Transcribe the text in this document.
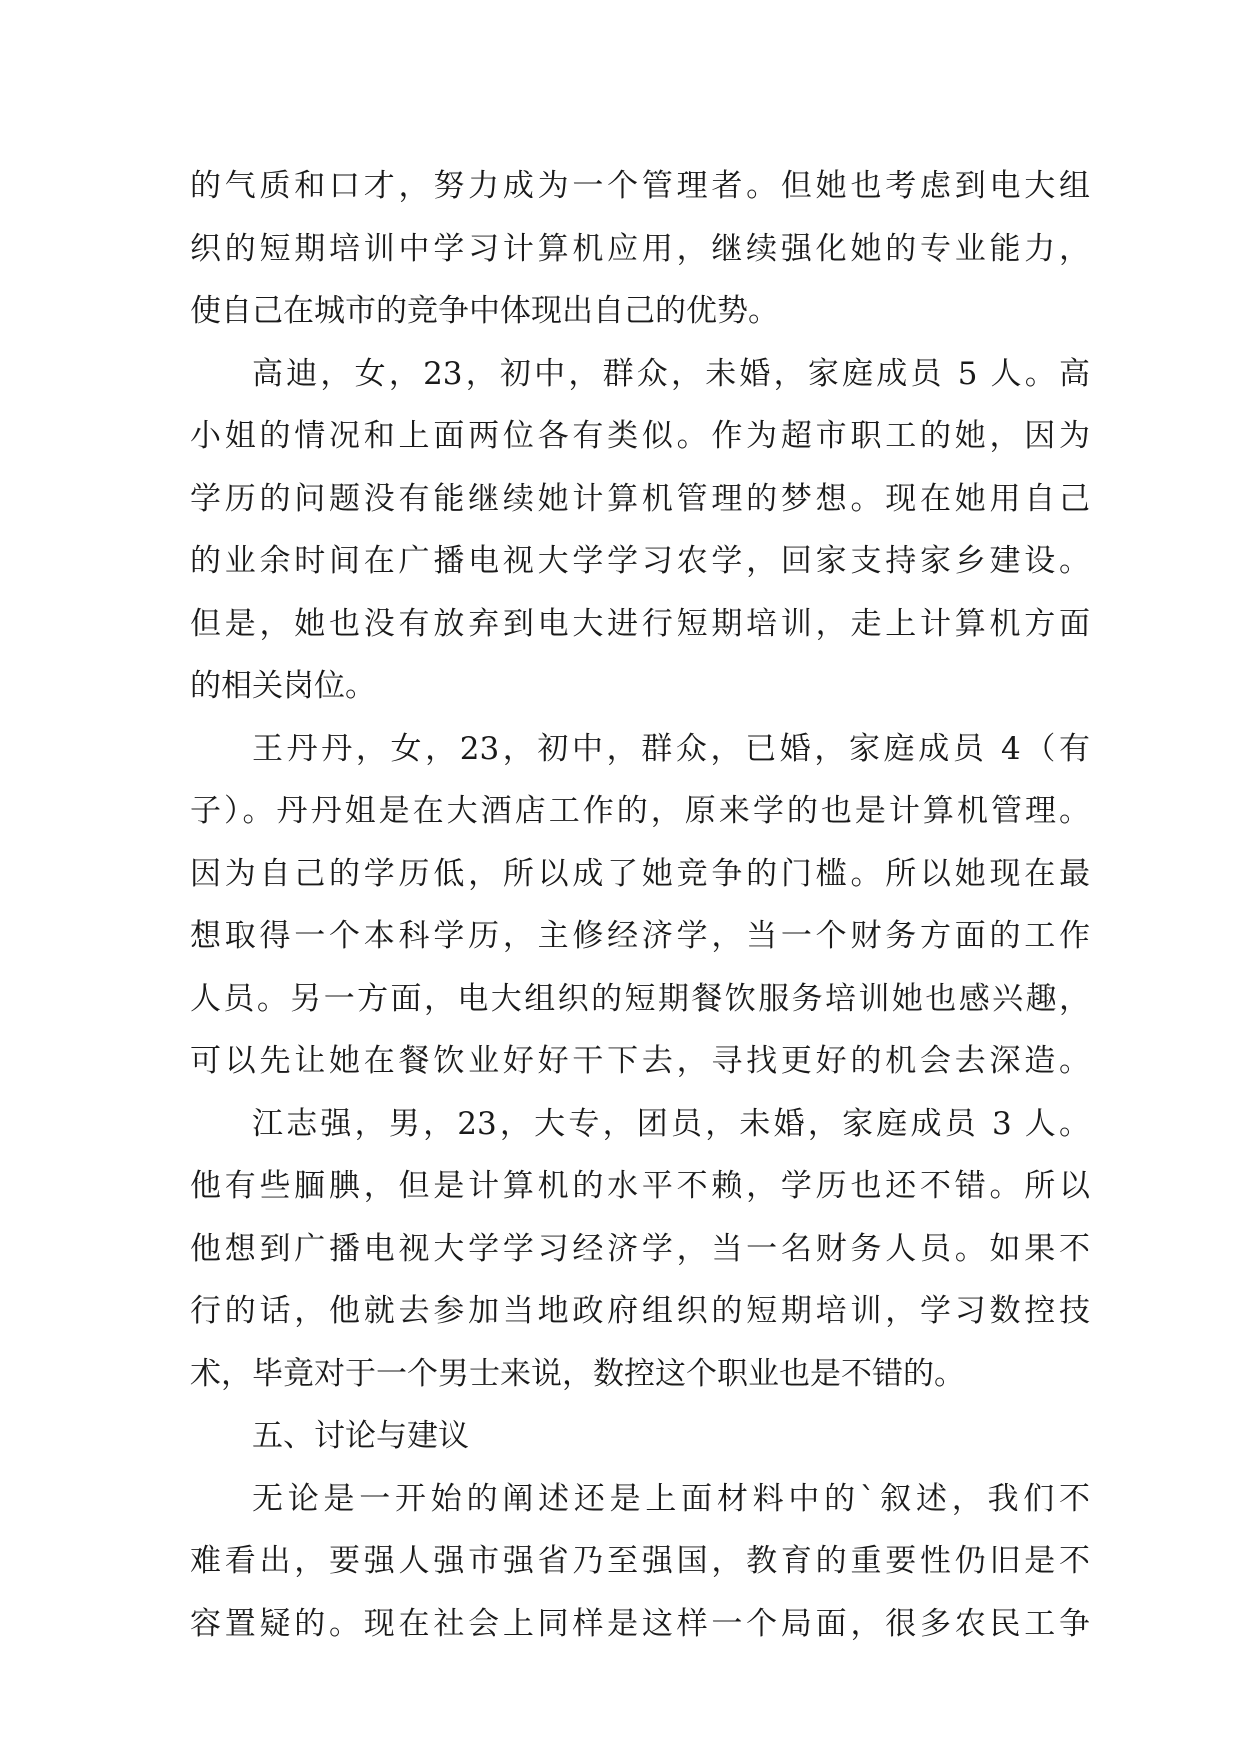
的气质和口才，努力成为一个管理者。但她也考虑到电大组
织的短期培训中学习计算机应用，继续强化她的专业能力，
使自己在城市的竞争中体现出自己的优势。
高迪，女，23，初中，群众，未婚，家庭成员 5 人。高
小姐的情况和上面两位各有类似。作为超市职工的她，因为
学历的问题没有能继续她计算机管理的梦想。现在她用自己
的业余时间在广播电视大学学习农学，回家支持家乡建设。
但是，她也没有放弃到电大进行短期培训，走上计算机方面
的相关岗位。
王丹丹，女，23，初中，群众，已婚，家庭成员 4（有
子）。丹丹姐是在大酒店工作的，原来学的也是计算机管理。
因为自己的学历低，所以成了她竞争的门槛。所以她现在最
想取得一个本科学历，主修经济学，当一个财务方面的工作
人员。另一方面，电大组织的短期餐饮服务培训她也感兴趣，
可以先让她在餐饮业好好干下去，寻找更好的机会去深造。
江志强，男，23，大专，团员，未婚，家庭成员 3 人。
他有些腼腆，但是计算机的水平不赖，学历也还不错。所以
他想到广播电视大学学习经济学，当一名财务人员。如果不
行的话，他就去参加当地政府组织的短期培训，学习数控技
术，毕竟对于一个男士来说，数控这个职业也是不错的。
五、讨论与建议
无论是一开始的阐述还是上面材料中的`叙述，我们不
难看出，要强人强市强省乃至强国，教育的重要性仍旧是不
容置疑的。现在社会上同样是这样一个局面，很多农民工争
